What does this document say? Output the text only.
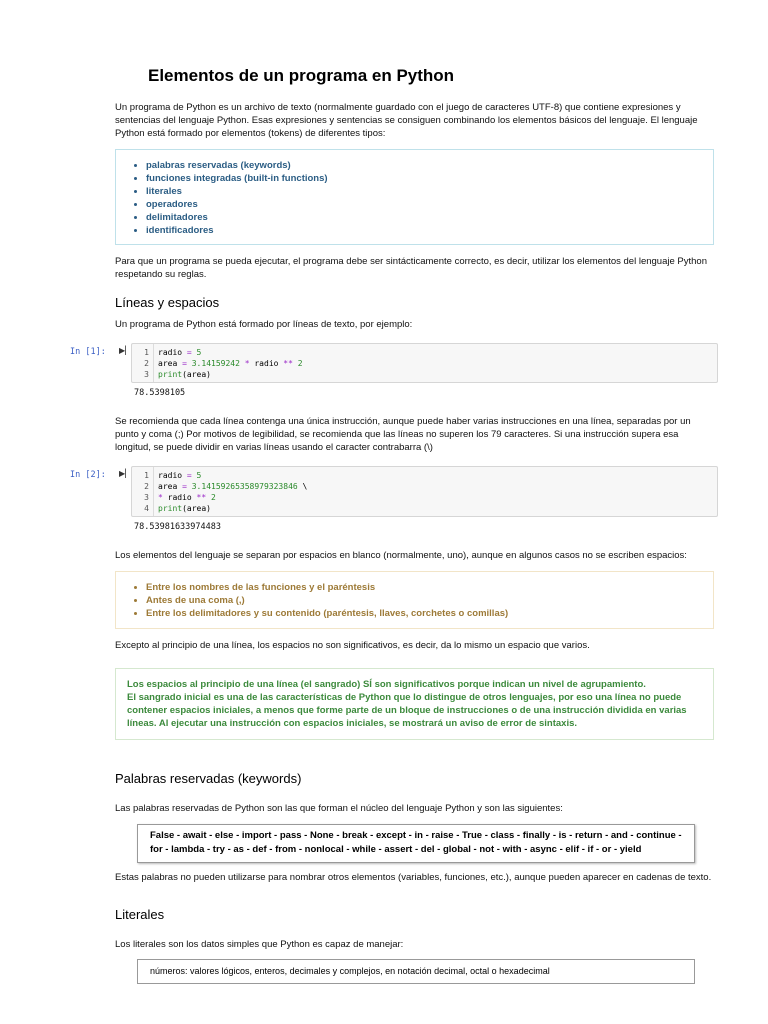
Elementos de un programa en Python
Un programa de Python es un archivo de texto (normalmente guardado con el juego de caracteres UTF-8) que contiene expresiones y sentencias del lenguaje Python. Esas expresiones y sentencias se consiguen combinando los elementos básicos del lenguaje. El lenguaje Python está formado por elementos (tokens) de diferentes tipos:
• palabras reservadas (keywords)
• funciones integradas (built-in functions)
• literales
• operadores
• delimitadores
• identificadores
Para que un programa se pueda ejecutar, el programa debe ser sintácticamente correcto, es decir, utilizar los elementos del lenguaje Python respetando su reglas.
Líneas y espacios
Un programa de Python está formado por líneas de texto, por ejemplo:
In [1]: ▶▏	1
2
3
radio = 5
area = 3.14159242 * radio ** 2
print(area)
78.5398105
Se recomienda que cada línea contenga una única instrucción, aunque puede haber varias instrucciones en una línea, separadas por un punto y coma (;) Por motivos de legibilidad, se recomienda que las líneas no superen los 79 caracteres. Si una instrucción supera esa longitud, se puede dividir en varias líneas usando el caracter contrabarra (\)
In [2]: ▶▏	1
2
3
4
radio = 5
area = 3.14159265358979323846 \
* radio ** 2
print(area)
78.53981633974483
Los elementos del lenguaje se separan por espacios en blanco (normalmente, uno), aunque en algunos casos no se escriben espacios:
• Entre los nombres de las funciones y el paréntesis
• Antes de una coma (,)
• Entre los delimitadores y su contenido (paréntesis, llaves, corchetes o comillas)
Excepto al principio de una línea, los espacios no son significativos, es decir, da lo mismo un espacio que varios.
Los espacios al principio de una línea (el sangrado) SÍ son significativos porque indican un nivel de agrupamiento.
El sangrado inicial es una de las características de Python que lo distingue de otros lenguajes, por eso una línea no puede contener espacios iniciales, a menos que forme parte de un bloque de instrucciones o de una instrucción dividida en varias líneas. Al ejecutar una instrucción con espacios iniciales, se mostrará un aviso de error de sintaxis.
Palabras reservadas (keywords)
Las palabras reservadas de Python son las que forman el núcleo del lenguaje Python y son las siguientes:
False - await - else - import - pass - None - break - except - in - raise - True - class - finally - is - return - and - continue -
for - lambda - try - as - def - from - nonlocal - while - assert - del - global - not - with - async - elif - if - or - yield
Estas palabras no pueden utilizarse para nombrar otros elementos (variables, funciones, etc.), aunque pueden aparecer en cadenas de texto.
Literales
Los literales son los datos simples que Python es capaz de manejar:
números: valores lógicos, enteros, decimales y complejos, en notación decimal, octal o hexadecimal
